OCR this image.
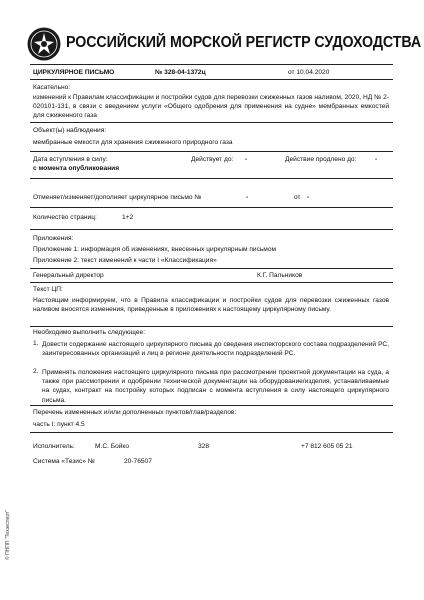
РОССИЙСКИЙ МОРСКОЙ РЕГИСТР СУДОХОДСТВА
ЦИРКУЛЯРНОЕ ПИСЬМО	№ 328-04-1372ц	от 10.04.2020
Касательно:
изменений к Правилам классификации и постройки судов для перевозки сжиженных газов наливом, 2020, НД № 2-020101-131, в связи с введением услуги «Общего одобрения для применения на судне» мембранных емкостей для сжиженного газа
Объект(ы) наблюдения:
мембранные емкости для хранения сжиженного природного газа
Дата вступления в силу:
с момента опубликования
Действует до: -	Действие продлено до:	-
Отменяет/изменяет/дополняет циркулярное письмо №	-	от -
Количество страниц:	1+2
Приложения:
Приложение 1: информация об изменениях, внесенных циркулярным письмом
Приложение 2: текст изменений к части I «Классификация»
Генеральный директор	К.Г. Пальников
Текст ЦП:
Настоящим информируем, что в Правила классификации и постройки судов для перевозки сжиженных газов наливом вносятся изменения, приведенные в приложениях к настоящему циркулярному письму.
Необходимо выполнить следующее:
1. Довести содержание настоящего циркулярного письма до сведения инспекторского состава подразделений РС, заинтересованных организаций и лиц в регионе деятельности подразделений РС.
2. Применять положения настоящего циркулярного письма при рассмотрении проектной документации на суда, а также при рассмотрении и одобрении технической документации на оборудование/изделия, устанавливаемые на судах, контракт на постройку которых подписан с момента вступления в силу настоящего циркулярного письма.
Перечень измененных и/или дополненных пунктов/глав/разделов:
часть I: пункт 4.5
Исполнитель:	М.С. Бойко	328	+7 812 605 05 21
Система «Тезис» №	20-76507
© ПНПП "Техэксперт"
